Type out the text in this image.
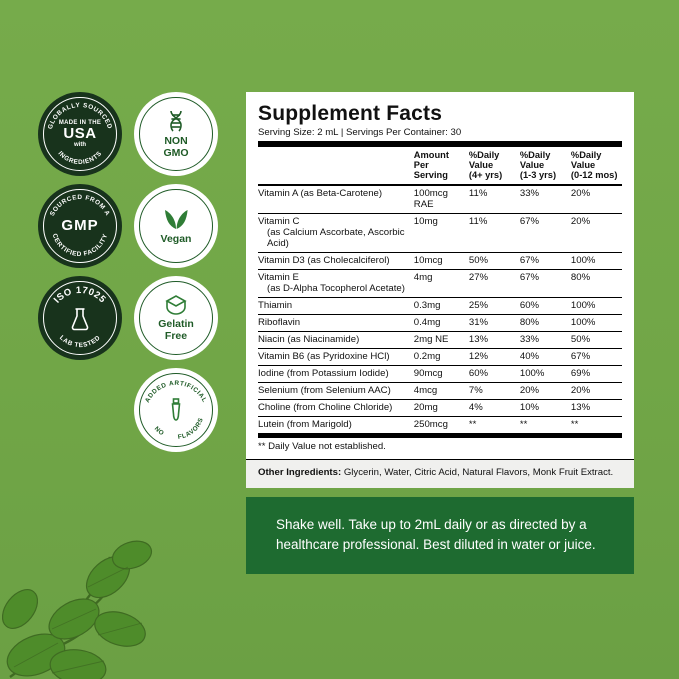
GLOBALLY SOURCED
INGREDIENTS
MADE IN THE
USA
with	NON
GMO
SOURCED FROM A
CERTIFIED FACILITY
GMP
Vegan
ISO 17025
LAB TESTED
Gelatin
Free
ADDED ARTIFICIAL
NO FLAVORS
Supplement Facts
Serving Size: 2 mL | Servings Per Container: 30
	Amount
Per
Serving	%Daily
Value
(4+ yrs)	%Daily
Value
(1-3 yrs)	%Daily
Value
(0-12 mos)
Vitamin A (as Beta-Carotene)	100mcg RAE	11%	33%	20%
Vitamin C
(as Calcium Ascorbate, Ascorbic Acid)	10mg	11%	67%	20%
Vitamin D3 (as Cholecalciferol)	10mcg	50%	67%	100%
Vitamin E
(as D-Alpha Tocopherol Acetate)	4mg	27%	67%	80%
Thiamin	0.3mg	25%	60%	100%
Riboflavin	0.4mg	31%	80%	100%
Niacin (as Niacinamide)	2mg NE	13%	33%	50%
Vitamin B6 (as Pyridoxine HCl)	0.2mg	12%	40%	67%
Iodine (from Potassium Iodide)	90mcg	60%	100%	69%
Selenium (from Selenium AAC)	4mcg	7%	20%	20%
Choline (from Choline Chloride)	20mg	4%	10%	13%
Lutein (from Marigold)	250mcg	**	**	**
** Daily Value not established.
Other Ingredients: Glycerin, Water, Citric Acid, Natural Flavors, Monk Fruit Extract.
Shake well. Take up to 2mL daily or as directed by a healthcare professional. Best diluted in water or juice.
